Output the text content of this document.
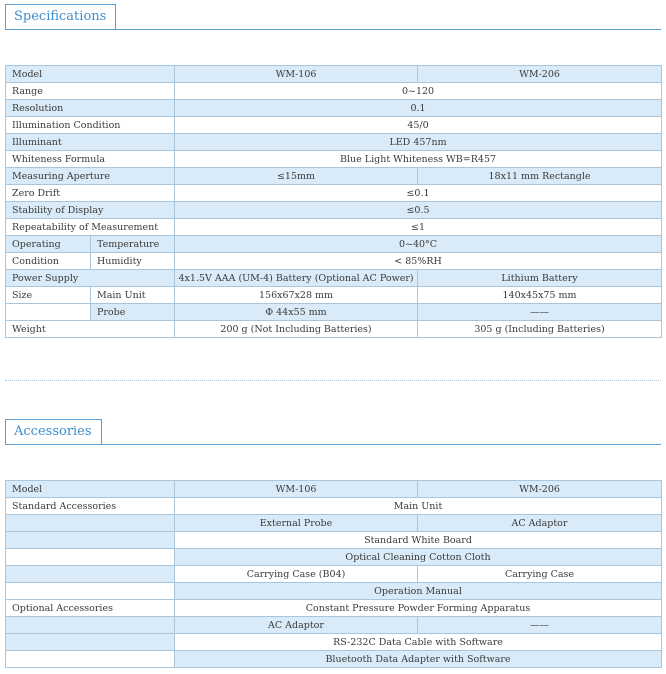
Specifications
Model		WM-106	WM-206
Range		0~120	
Resolution		0.1	
Illumination Condition		45/0	
Illuminant		LED 457nm	
Whiteness Formula		Blue Light Whiteness WB=R457	
Measuring Aperture		≤15mm	18x11 mm Rectangle
Zero Drift		≤0.1	
Stability of Display		≤0.5	
Repeatability of Measurement		≤1	
Operating	Temperature	0~40°C	
Condition	Humidity	< 85%RH	
Power Supply		4x1.5V AAA (UM-4) Battery (Optional AC Power)	Lithium Battery
Size	Main Unit	156x67x28 mm	140x45x75 mm
	Probe	Φ 44x55 mm	——
Weight		200 g (Not Including Batteries)	305 g (Including Batteries)
Accessories
Model	WM-106	WM-206
Standard Accessories	Main Unit	
	External Probe	AC Adaptor
	Standard White Board	
	Optical Cleaning Cotton Cloth	
	Carrying Case (B04)	Carrying Case
	Operation Manual	
Optional Accessories	Constant Pressure Powder Forming Apparatus	
	AC Adaptor	——
	RS-232C Data Cable with Software	
	Bluetooth Data Adapter with Software	
